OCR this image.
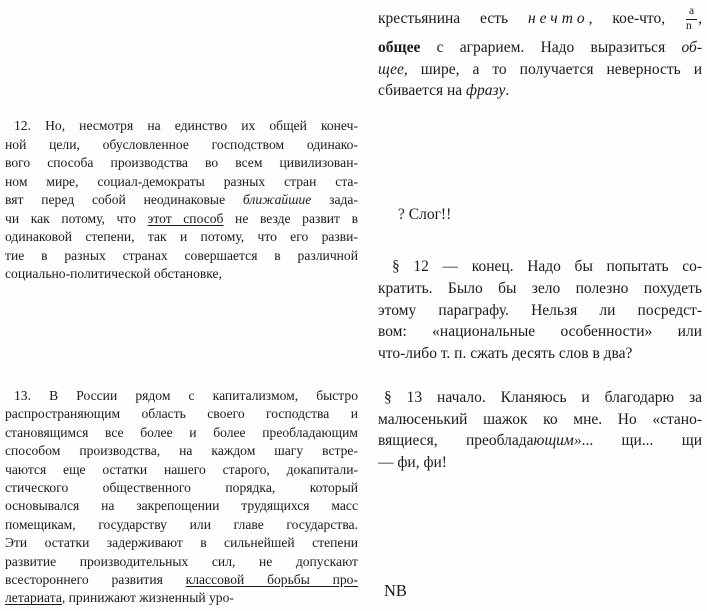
12. Но, несмотря на единство их общей конеч-
ной цели, обусловленное господством одинако-
вого способа производства во всем цивилизован-
ном мире, социал-демократы разных стран ста-
вят перед собой неодинаковые ближайшие зада-
чи как потому, что этот способ не везде развит в
одинаковой степени, так и потому, что его разви-
тие в разных странах совершается в различной
социально-политической обстановке,
13. В России рядом с капитализмом, быстро
распространяющим область своего господства и
становящимся все более и более преобладающим
способом производства, на каждом шагу встре-
чаются еще остатки нашего старого, докапитали-
стического общественного порядка, который
основывался на закрепощении трудящихся масс
помещикам, государству или главе государства.
Эти остатки задерживают в сильнейшей степени
развитие производительных сил, не допускают
всестороннего развития классовой борьбы про-
летариата, принижают жизненный уро-
крестьянина есть нечто, кое-что, $\frac{a}{n}$ ,
общее с аграрием. Надо выразиться об-
щее, шире, а то получается неверность и
сбивается на фразу.
? Слог!!
§ 12 — конец. Надо бы попытать со-
кратить. Было бы зело полезно похудеть
этому параграфу. Нельзя ли посредст-
вом: «национальные особенности» или
что-либо т. п. сжать десять слов в два?
§ 13 начало. Кланяюсь и благодарю за
малюсенький шажок ко мне. Но «стано-
вящиеся, преобладающим»... щи... щи
— фи, фи!
NB
